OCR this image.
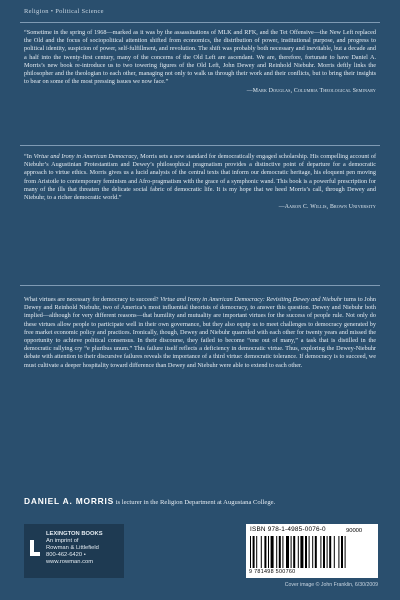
Religion • Political Science

“Sometime in the spring of 1968—marked as it was by the assassinations of MLK and RFK, and the Tet Offensive—the New Left replaced the Old and the focus of sociopolitical attention shifted from economics, the distribution of power, institutional purpose, and progress to political identity, suspicion of power, self-fulfillment, and revolution. The shift was probably both necessary and inevitable, but a decade and a half into the twenty-first century, many of the concerns of the Old Left are ascendant. We are, therefore, fortunate to have Daniel A. Morris’s new book re-introduce us to two towering figures of the Old Left, John Dewey and Reinhold Niebuhr. Morris deftly links the philosopher and the theologian to each other, managing not only to walk us through their work and their conflicts, but to bring their insights to bear on some of the most pressing issues we now face.”

—Mark Douglas, Columbia Theological Seminary

“In Virtue and Irony in American Democracy, Morris sets a new standard for democratically engaged scholarship. His compelling account of Niebuhr’s Augustinian Protestantism and Dewey’s philosophical pragmatism provides a distinctive point of departure for a democratic approach to virtue ethics. Morris gives us a lucid analysis of the central texts that inform our democratic heritage, his eloquent pen moving from Aristotle to contemporary feminism and Afro-pragmatism with the grace of a symphonic wand. This book is a powerful prescription for many of the ills that threaten the delicate social fabric of democratic life. It is my hope that we heed Morris’s call, through Dewey and Niebuhr, to a richer democratic world.”

—Aaron C. Willis, Brown University
What virtues are necessary for democracy to succeed? Virtue and Irony in American Democracy: Revisiting Dewey and Niebuhr turns to John Dewey and Reinhold Niebuhr, two of America’s most influential theorists of democracy, to answer this question. Dewey and Niebuhr both implied—although for very different reasons—that humility and mutuality are important virtues for the success of people rule. Not only do these virtues allow people to participate well in their own governance, but they also equip us to meet challenges to democracy generated by free market economic policy and practices. Ironically, though, Dewey and Niebuhr quarreled with each other for twenty years and missed the opportunity to achieve political consensus. In their discourse, they failed to become “one out of many,” a task that is distilled in the democratic rallying cry “e pluribus unum.” This failure itself reflects a deficiency in democratic virtue. Thus, exploring the Dewey-Niebuhr debate with attention to their discursive failures reveals the importance of a third virtue: democratic tolerance. If democracy is to succeed, we must cultivate a deeper hospitality toward difference than Dewey and Niebuhr were able to extend to each other.
DANIEL A. MORRIS is lecturer in the Religion Department at Augustana College.
LEXINGTON BOOKS
An imprint of
Rowman & Littlefield
800-462-6420 • www.rowman.com
ISBN 978-1-4985-0076-0	90000
9 781498 500760
Cover image © John Franklin, 6/30/2009
